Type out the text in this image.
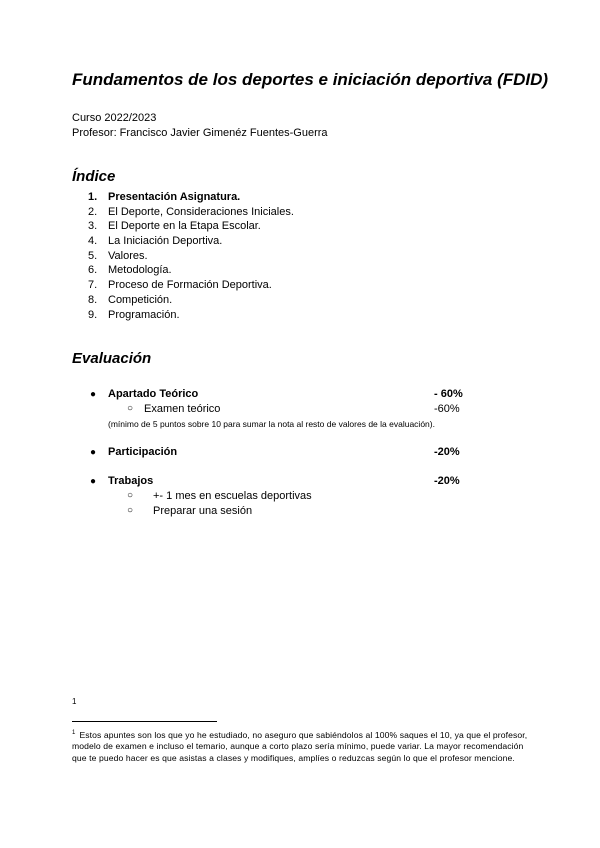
Fundamentos de los deportes e iniciación deportiva (FDID)
Curso 2022/2023
Profesor: Francisco Javier Gimenéz Fuentes-Guerra
Índice
1. Presentación Asignatura.
2. El Deporte, Consideraciones Iniciales.
3. El Deporte en la Etapa Escolar.
4. La Iniciación Deportiva.
5. Valores.
6. Metodología.
7. Proceso de Formación Deportiva.
8. Competición.
9. Programación.
Evaluación
● Apartado Teórico	- 60%
○ Examen teórico	-60%
(mínimo de 5 puntos sobre 10 para sumar la nota al resto de valores de la evaluación).
● Participación	-20%
● Trabajos	-20%
○ +- 1 mes en escuelas deportivas
○ Preparar una sesión
1

$^1$ Estos apuntes son los que yo he estudiado, no aseguro que sabiéndolos al 100% saques el 10, ya que el profesor, modelo de examen e incluso el temario, aunque a corto plazo sería mínimo, puede variar. La mayor recomendación que te puedo hacer es que asistas a clases y modifiques, amplíes o reduzcas según lo que el profesor mencione.
